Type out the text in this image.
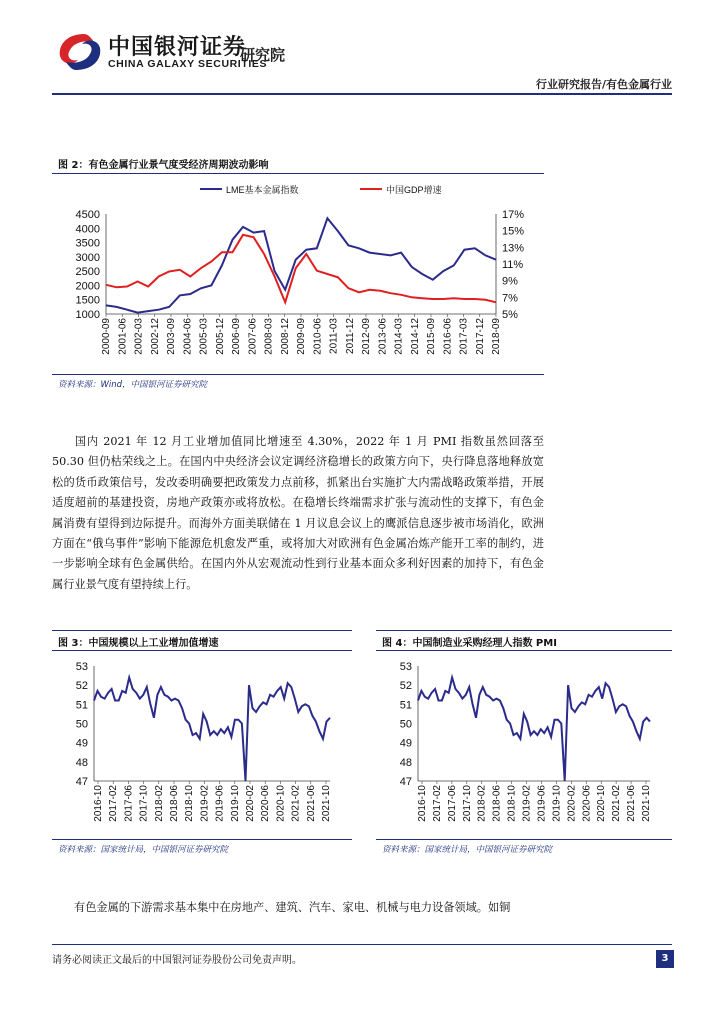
中国银河证券
CHINA GALAXY SECURITIES
研究院
行业研究报告/有色金属行业
图 2：有色金属行业景气度受经济周期波动影响
LME基本金属指数	中国GDP增速
1000
1500
2000
2500
3000
3500
4000
4500
5%
7%
9%
11%
13%
15%
17%
2000-09 2001-06 2002-03 2002-12 2003-09 2004-06 2005-03 2005-12 2006-09 2007-06 2008-03 2008-12 2009-09 2010-06 2011-03 2011-12 2012-09 2013-06 2014-03 2014-12 2015-09 2016-06 2017-03 2017-12 2018-09
资料来源：Wind，中国银河证券研究院

国内 2021 年 12 月工业增加值同比增速至 4.30%，2022 年 1 月 PMI 指数虽然回落至 50.30 但仍枯荣线之上。在国内中央经济会议定调经济稳增长的政策方向下，央行降息落地释放宽松的货币政策信号，发改委明确要把政策发力点前移，抓紧出台实施扩大内需战略政策举措，开展适度超前的基建投资，房地产政策亦或将放松。在稳增长终端需求扩张与流动性的支撑下，有色金属消费有望得到边际提升。而海外方面美联储在 1 月议息会议上的鹰派信息逐步被市场消化，欧洲方面在“俄乌事件”影响下能源危机愈发严重，或将加大对欧洲有色金属冶炼产能开工率的制约，进一步影响全球有色金属供给。在国内外从宏观流动性到行业基本面众多利好因素的加持下，有色金属行业景气度有望持续上行。

图 3：中国规模以上工业增加值增速
47
48
49
50
51
52
53
2016-10 2017-02 2017-06 2017-10 2018-02 2018-06 2018-10 2019-02 2019-06 2019-10 2020-02 2020-06 2020-10 2021-02 2021-06 2021-10
资料来源：国家统计局，中国银河证券研究院
图 4：中国制造业采购经理人指数 PMI
47
48
49
50
51
52
53
2016-10 2017-02 2017-06 2017-10 2018-02 2018-06 2018-10 2019-02 2019-06 2019-10 2020-02 2020-06 2020-10 2021-02 2021-06 2021-10
资料来源：国家统计局，中国银河证券研究院

有色金属的下游需求基本集中在房地产、建筑、汽车、家电、机械与电力设备领域。如铜

请务必阅读正文最后的中国银河证券股份公司免责声明。	3
